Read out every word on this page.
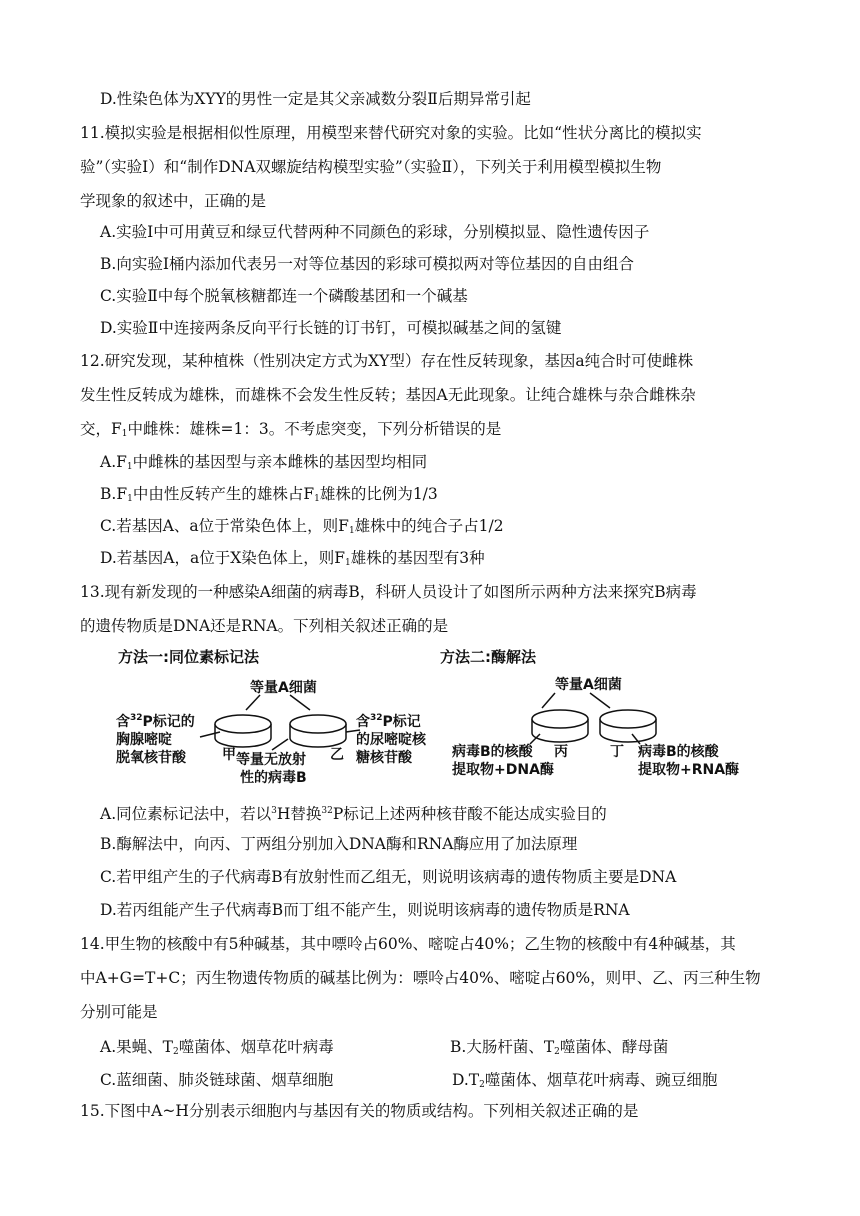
D.性染色体为XYY的男性一定是其父亲减数分裂Ⅱ后期异常引起
11.模拟实验是根据相似性原理，用模型来替代研究对象的实验。比如“性状分离比的模拟实
验”（实验Ⅰ）和“制作DNA双螺旋结构模型实验”（实验Ⅱ），下列关于利用模型模拟生物
学现象的叙述中，正确的是
A.实验Ⅰ中可用黄豆和绿豆代替两种不同颜色的彩球，分别模拟显、隐性遗传因子
B.向实验Ⅰ桶内添加代表另一对等位基因的彩球可模拟两对等位基因的自由组合
C.实验Ⅱ中每个脱氧核糖都连一个磷酸基团和一个碱基
D.实验Ⅱ中连接两条反向平行长链的订书钉，可模拟碱基之间的氢键
12.研究发现，某种植株（性别决定方式为XY型）存在性反转现象，基因a纯合时可使雌株
发生性反转成为雄株，而雄株不会发生性反转；基因A无此现象。让纯合雄株与杂合雌株杂
交，$F_1$中雌株：雄株=1：3。不考虑突变，下列分析错误的是
$A.F_1$中雌株的基因型与亲本雌株的基因型均相同
$B.F_1$中由性反转产生的雄株占$F_1$雄株的比例为1/3
C.若基因A、a位于常染色体上，则$F_1$雄株中的纯合子占1/2
D.若基因A，a位于X染色体上，则$F_1$雄株的基因型有3种
13.现有新发现的一种感染A细菌的病毒B，科研人员设计了如图所示两种方法来探究B病毒
的遗传物质是DNA还是RNA。下列相关叙述正确的是
方法一:同位素标记法	方法二:酶解法
等量A细菌
甲	乙
含$^{32}$P标记的
胸腺嘧啶
脱氧核苷酸	等量无放射
性的病毒B
含$^{32}$P标记
的尿嘧啶核
糖核苷酸
等量A细菌
丙	丁
病毒B的核酸
提取物+DNA酶
病毒B的核酸
提取物+RNA酶
A.同位素标记法中，若以$^3$H替换$^{32}$P标记上述两种核苷酸不能达成实验目的
B.酶解法中，向丙、丁两组分别加入DNA酶和RNA酶应用了加法原理
C.若甲组产生的子代病毒B有放射性而乙组无，则说明该病毒的遗传物质主要是DNA
D.若丙组能产生子代病毒B而丁组不能产生，则说明该病毒的遗传物质是RNA
14.甲生物的核酸中有5种碱基，其中嘌呤占60%、嘧啶占40%；乙生物的核酸中有4种碱基，其
中A+G=T+C；丙生物遗传物质的碱基比例为：嘌呤占40%、嘧啶占60%，则甲、乙、丙三种生物
分别可能是
A.果蝇、$T_2$噬菌体、烟草花叶病毒	B.大肠杆菌、$T_2$噬菌体、酵母菌
C.蓝细菌、肺炎链球菌、烟草细胞	$D.T_2$噬菌体、烟草花叶病毒、豌豆细胞
15.下图中A~H分别表示细胞内与基因有关的物质或结构。下列相关叙述正确的是
